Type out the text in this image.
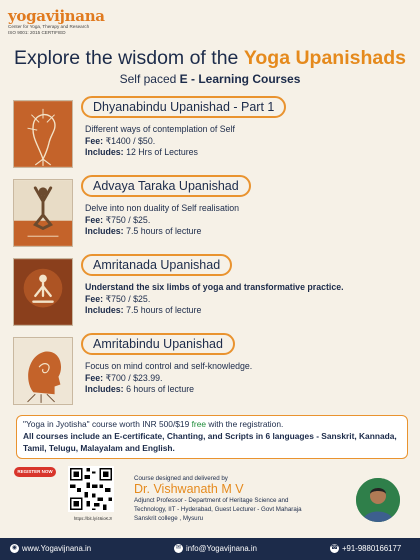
yogavijnana
Center for Yoga, Therapy and Research
ISO 9001: 2015 CERTIFIED
Explore the wisdom of the Yoga Upanishads
Self paced E - Learning Courses
Dhyanabindu Upanishad - Part 1
Different ways of contemplation of Self
Fee: ₹1400 / $50.
Includes: 12 Hrs of Lectures
Advaya Taraka Upanishad
Delve into non duality of Self realisation
Fee: ₹750 / $25.
Includes: 7.5 hours of lecture
Amritanada Upanishad
Understand the six limbs of yoga and transformative practice.
Fee: ₹750 / $25.
Includes: 7.5 hours of lecture
Amritabindu Upanishad
Focus on mind control and self-knowledge.
Fee: ₹700 / $23.99.
Includes: 6 hours of lecture
"Yoga in Jyotisha" course worth INR 500/$19 free with the registration.
All courses include an E-certificate, Chanting, and Scripts in 6 languages - Sanskrit, Kannada, Tamil, Telugu, Malayalam and English.
REGISTER NOW
https://bit.ly/46ioKJr
Course designed and delivered by
Dr. Vishwanath M V
Adjunct Professor - Department of Heritage Science and
Technology, IIT - Hyderabad, Guest Lecturer - Govt Maharaja
Sanskrit college , Mysuru
◉ www.Yogavijnana.in	✉ info@Yogavijnana.in	☎ +91-9880166177
